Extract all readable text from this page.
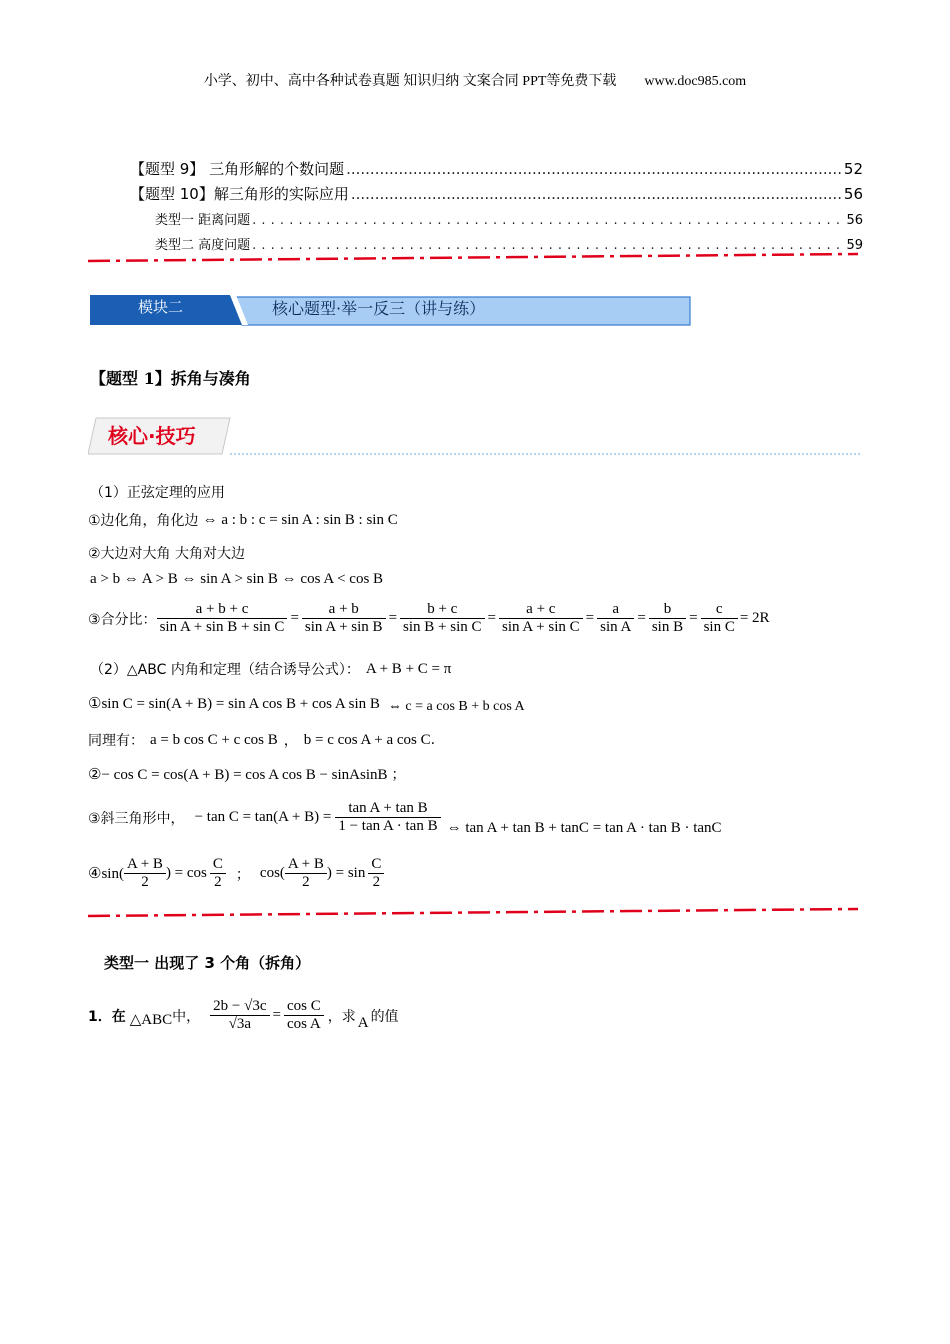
小学、初中、高中各种试卷真题 知识归纳 文案合同 PPT等免费下载　　www.doc985.com
【题型 9】 三角形解的个数问题 .....	52
【题型 10】解三角形的实际应用 .....	56
类型一 距离问题 . . .	56
类型二 高度问题 . . .	59
模块二	核心题型·举一反三（讲与练）
【题型 1】拆角与凑角
核心·技巧
（1）正弦定理的应用
①边化角，角化边 ⇔ a : b : c = sin A : sin B : sin C
②大边对大角 大角对大边
a > b ⇔ A > B ⇔ sin A > sin B ⇔ cos A < cos B
③合分比： $\frac{a + b + c}{\text{sin A + sin B + sin C}} = \frac{a + b}{\text{sin A + sin B}} = \frac{b + c}{\text{sin B + sin C}} = \frac{a + c}{\text{sin A + sin C}} = \frac{a}{\text{sin A}} = \frac{b}{\text{sin B}} = \frac{c}{\text{sin C}} = 2R$
（2）△ABC 内角和定理（结合诱导公式）： A + B + C = π
①sin C = sin(A + B) = sin A cos B + cos A sin B ⇔ c = a cos B + b cos A
同理有： a = b cos C + c cos B ， b = c cos A + a cos C .
②− cos C = cos(A + B) = cos A cos B − sinAsinB ；
③斜三角形中， − $\tan C = \tan(A + B) = \frac{\text{tan A + tan B}}{\text{1 − tan A · tan B}}$ ⇔ tan A + tan B + tanC = tan A · tan B · tanC
④sin( $\frac{A + B}{2}$ ) = $\cos \frac{C}{2}$ ； $\cos( \frac{A + B}{2}$ ) = $\sin \frac{C}{2}$
类型一 出现了 3 个角（拆角）
1．在 △ABC 中， $\frac{2b - √3c}{√3a} = \frac{\text{cos C}}{\text{cos A}}$ ，求 A 的值
